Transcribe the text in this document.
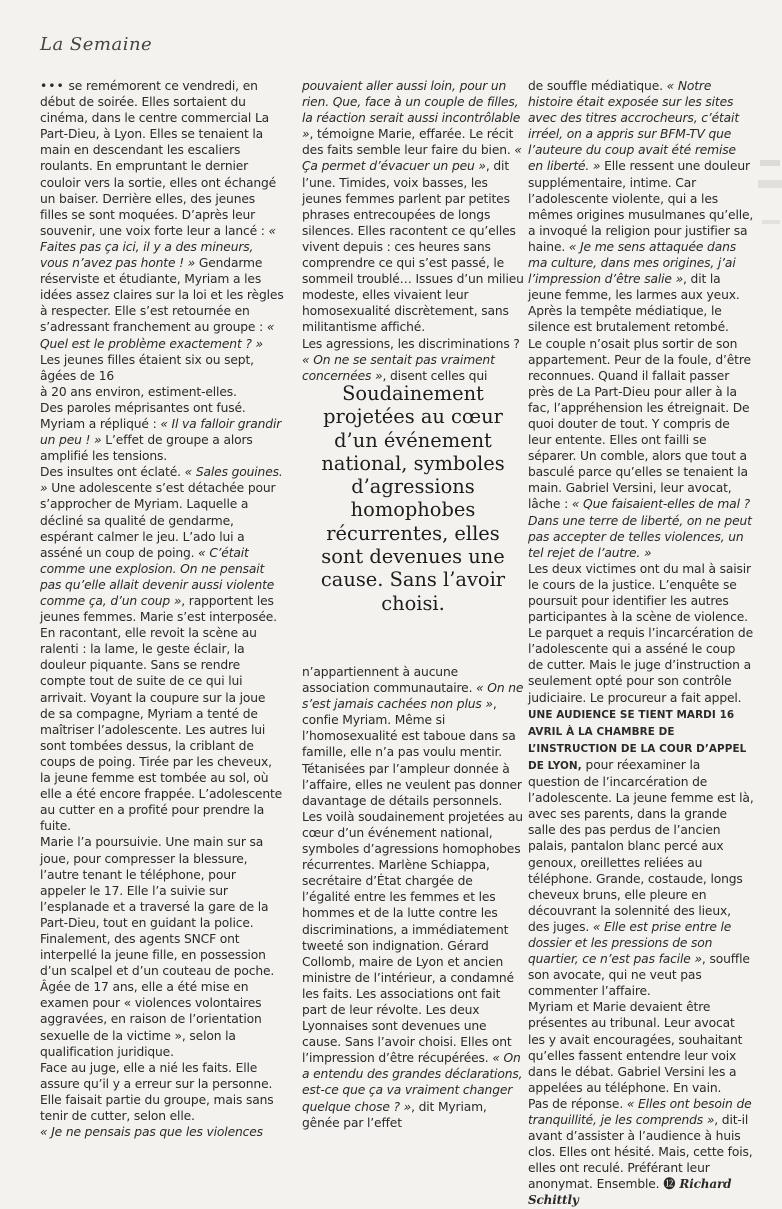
La Semaine

••• se remémorent ce vendredi, en début de soirée. Elles sortaient du cinéma, dans le centre commercial La Part-Dieu, à Lyon. Elles se tenaient la main en descendant les escaliers roulants. En empruntant le dernier couloir vers la sortie, elles ont échangé un baiser. Derrière elles, des jeunes filles se sont moquées. D’après leur souvenir, une voix forte leur a lancé : « Faites pas ça ici, il y a des mineurs, vous n’avez pas honte ! » Gendarme réserviste et étudiante, Myriam a les idées assez claires sur la loi et les règles à respecter. Elle s’est retournée en s’adressant franchement au groupe : « Quel est le problème exactement ? » Les jeunes filles étaient six ou sept, âgées de 16

à 20 ans environ, estiment-elles.

Des paroles méprisantes ont fusé.

Myriam a répliqué : « Il va falloir grandir un peu ! » L’effet de groupe a alors amplifié les tensions.

Des insultes ont éclaté. « Sales gouines. » Une adolescente s’est détachée pour s’approcher de Myriam. Laquelle a décliné sa qualité de gendarme, espérant calmer le jeu. L’ado lui a asséné un coup de poing. « C’était comme une explosion. On ne pensait pas qu’elle allait devenir aussi violente comme ça, d’un coup », rapportent les jeunes femmes. Marie s’est interposée. En racontant, elle revoit la scène au ralenti : la lame, le geste éclair, la douleur piquante. Sans se rendre compte tout de suite de ce qui lui arrivait. Voyant la coupure sur la joue de sa compagne, Myriam a tenté de maîtriser l’adolescente. Les autres lui sont tombées dessus, la criblant de coups de poing. Tirée par les cheveux, la jeune femme est tombée au sol, où elle a été encore frappée. L’adolescente au cutter en a profité pour prendre la fuite.

Marie l’a poursuivie. Une main sur sa joue, pour compresser la blessure, l’autre tenant le téléphone, pour appeler le 17. Elle l’a suivie sur l’esplanade et a traversé la gare de la Part-Dieu, tout en guidant la police. Finalement, des agents SNCF ont interpellé la jeune fille, en possession d’un scalpel et d’un couteau de poche. Âgée de 17 ans, elle a été mise en examen pour « violences volontaires aggravées, en raison de l’orientation sexuelle de la victime », selon la qualification juridique.

Face au juge, elle a nié les faits. Elle assure qu’il y a erreur sur la personne. Elle faisait partie du groupe, mais sans tenir de cutter, selon elle.

« Je ne pensais pas que les violences

pouvaient aller aussi loin, pour un rien. Que, face à un couple de filles, la réaction serait aussi incontrôlable », témoigne Marie, effarée. Le récit des faits semble leur faire du bien. « Ça permet d’évacuer un peu », dit l’une. Timides, voix basses, les jeunes femmes parlent par petites phrases entrecoupées de longs silences. Elles racontent ce qu’elles vivent depuis : ces heures sans comprendre ce qui s’est passé, le sommeil troublé… Issues d’un milieu modeste, elles vivaient leur homosexualité discrètement, sans militantisme affiché.

Les agressions, les discriminations ? « On ne se sentait pas vraiment concernées », disent celles qui

Soudainement projetées au cœur d’un événement national, symboles d’agressions homophobes récurrentes, elles sont devenues une cause. Sans l’avoir choisi.

n’appartiennent à aucune association communautaire. « On ne s’est jamais cachées non plus », confie Myriam. Même si l’homosexualité est taboue dans sa famille, elle n’a pas voulu mentir. Tétanisées par l’ampleur donnée à l’affaire, elles ne veulent pas donner davantage de détails personnels.

Les voilà soudainement projetées au cœur d’un événement national, symboles d’agressions homophobes récurrentes. Marlène Schiappa, secrétaire d’État chargée de l’égalité entre les femmes et les hommes et de la lutte contre les discriminations, a immédiatement tweeté son indignation. Gérard Collomb, maire de Lyon et ancien ministre de l’intérieur, a condamné les faits. Les associations ont fait part de leur révolte. Les deux Lyonnaises sont devenues une cause. Sans l’avoir choisi. Elles ont l’impression d’être récupérées. « On a entendu des grandes déclarations, est-ce que ça va vraiment changer quelque chose ? », dit Myriam, gênée par l’effet

de souffle médiatique. « Notre histoire était exposée sur les sites avec des titres accrocheurs, c’était irréel, on a appris sur BFM-TV que l’auteure du coup avait été remise en liberté. » Elle ressent une douleur supplémentaire, intime. Car l’adolescente violente, qui a les mêmes origines musulmanes qu’elle, a invoqué la religion pour justifier sa haine. « Je me sens attaquée dans ma culture, dans mes origines, j’ai l’impression d’être salie », dit la jeune femme, les larmes aux yeux. Après la tempête médiatique, le silence est brutalement retombé.

Le couple n’osait plus sortir de son appartement. Peur de la foule, d’être reconnues. Quand il fallait passer près de La Part-Dieu pour aller à la fac, l’appréhension les étreignait. De quoi douter de tout. Y compris de leur entente. Elles ont failli se séparer. Un comble, alors que tout a basculé parce qu’elles se tenaient la main. Gabriel Versini, leur avocat, lâche : « Que faisaient-elles de mal ? Dans une terre de liberté, on ne peut pas accepter de telles violences, un tel rejet de l’autre. »

Les deux victimes ont du mal à saisir le cours de la justice. L’enquête se poursuit pour identifier les autres participantes à la scène de violence. Le parquet a requis l’incarcération de l’adolescente qui a asséné le coup de cutter. Mais le juge d’instruction a seulement opté pour son contrôle judiciaire. Le procureur a fait appel.

UNE AUDIENCE SE TIENT MARDI 16 AVRIL À LA CHAMBRE DE L’INSTRUCTION DE LA COUR D’APPEL DE LYON, pour réexaminer la question de l’incarcération de l’adolescente. La jeune femme est là, avec ses parents, dans la grande salle des pas perdus de l’ancien palais, pantalon blanc percé aux genoux, oreillettes reliées au téléphone. Grande, costaude, longs cheveux bruns, elle pleure en découvrant la solennité des lieux, des juges. « Elle est prise entre le dossier et les pressions de son quartier, ce n’est pas facile », souffle son avocate, qui ne veut pas commenter l’affaire.

Myriam et Marie devaient être présentes au tribunal. Leur avocat les y avait encouragées, souhaitant qu’elles fassent entendre leur voix dans le débat. Gabriel Versini les a appelées au téléphone. En vain.

Pas de réponse. « Elles ont besoin de tranquillité, je les comprends », dit-il avant d’assister à l’audience à huis clos. Elles ont hésité. Mais, cette fois, elles ont reculé. Préférant leur anonymat. Ensemble. ⓬ Richard Schittly
